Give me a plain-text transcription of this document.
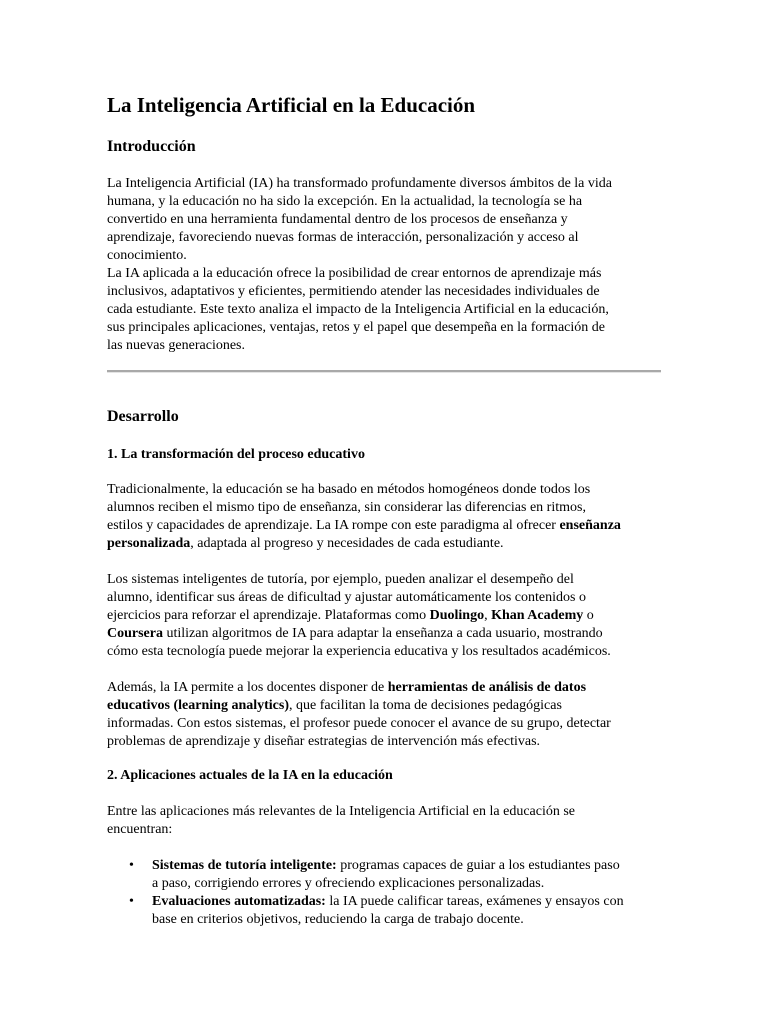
La Inteligencia Artificial en la Educación
Introducción

La Inteligencia Artificial (IA) ha transformado profundamente diversos ámbitos de la vida
humana, y la educación no ha sido la excepción. En la actualidad, la tecnología se ha
convertido en una herramienta fundamental dentro de los procesos de enseñanza y
aprendizaje, favoreciendo nuevas formas de interacción, personalización y acceso al
conocimiento.
La IA aplicada a la educación ofrece la posibilidad de crear entornos de aprendizaje más
inclusivos, adaptativos y eficientes, permitiendo atender las necesidades individuales de
cada estudiante. Este texto analiza el impacto de la Inteligencia Artificial en la educación,
sus principales aplicaciones, ventajas, retos y el papel que desempeña en la formación de
las nuevas generaciones.

Desarrollo
1. La transformación del proceso educativo

Tradicionalmente, la educación se ha basado en métodos homogéneos donde todos los
alumnos reciben el mismo tipo de enseñanza, sin considerar las diferencias en ritmos,
estilos y capacidades de aprendizaje. La IA rompe con este paradigma al ofrecer enseñanza
personalizada, adaptada al progreso y necesidades de cada estudiante.

Los sistemas inteligentes de tutoría, por ejemplo, pueden analizar el desempeño del
alumno, identificar sus áreas de dificultad y ajustar automáticamente los contenidos o
ejercicios para reforzar el aprendizaje. Plataformas como Duolingo, Khan Academy o
Coursera utilizan algoritmos de IA para adaptar la enseñanza a cada usuario, mostrando
cómo esta tecnología puede mejorar la experiencia educativa y los resultados académicos.

Además, la IA permite a los docentes disponer de herramientas de análisis de datos
educativos (learning analytics), que facilitan la toma de decisiones pedagógicas
informadas. Con estos sistemas, el profesor puede conocer el avance de su grupo, detectar
problemas de aprendizaje y diseñar estrategias de intervención más efectivas.

2. Aplicaciones actuales de la IA en la educación

Entre las aplicaciones más relevantes de la Inteligencia Artificial en la educación se
encuentran:

• Sistemas de tutoría inteligente: programas capaces de guiar a los estudiantes paso
a paso, corrigiendo errores y ofreciendo explicaciones personalizadas.
• Evaluaciones automatizadas: la IA puede calificar tareas, exámenes y ensayos con
base en criterios objetivos, reduciendo la carga de trabajo docente.
